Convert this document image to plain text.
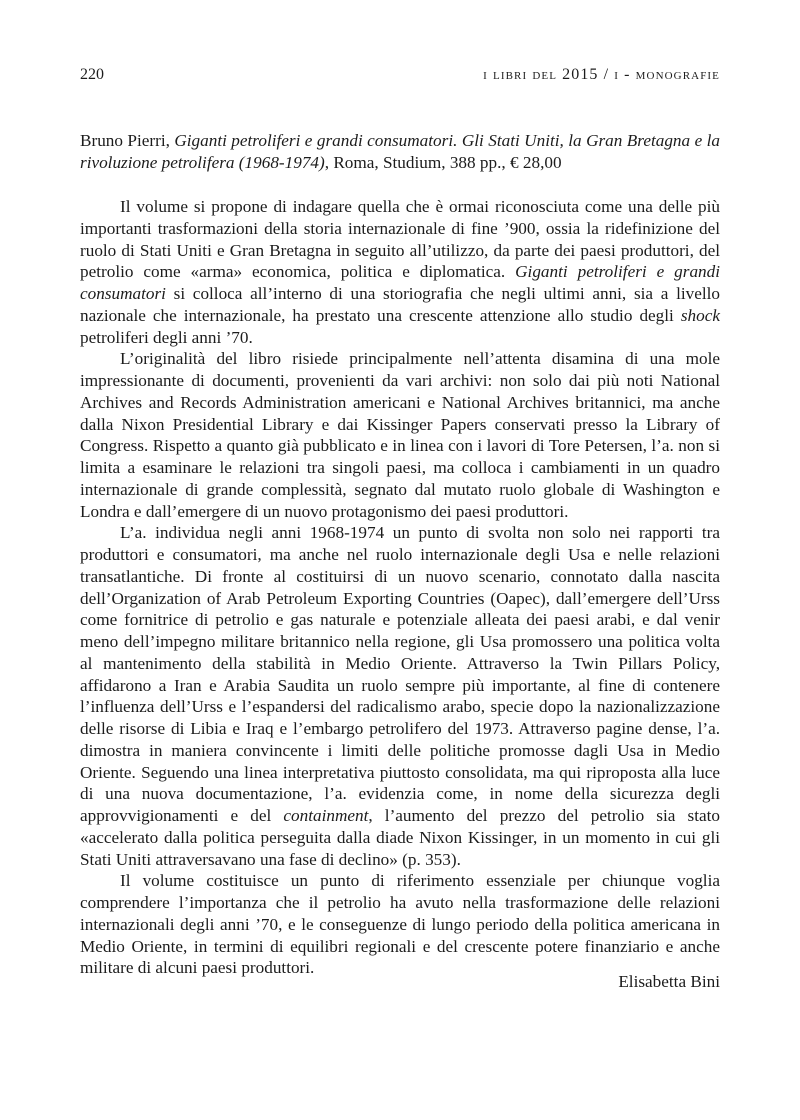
220	i libri del 2015 / i - monografie
Bruno Pierri, Giganti petroliferi e grandi consumatori. Gli Stati Uniti, la Gran Bretagna e la rivoluzione petrolifera (1968-1974), Roma, Studium, 388 pp., € 28,00

Il volume si propone di indagare quella che è ormai riconosciuta come una delle più importanti trasformazioni della storia internazionale di fine ’900, ossia la ridefinizione del ruolo di Stati Uniti e Gran Bretagna in seguito all’utilizzo, da parte dei paesi produttori, del petrolio come «arma» economica, politica e diplomatica. Giganti petroliferi e grandi consumatori si colloca all’interno di una storiografia che negli ultimi anni, sia a livello nazionale che internazionale, ha prestato una crescente attenzione allo studio degli shock petroliferi degli anni ’70.

L’originalità del libro risiede principalmente nell’attenta disamina di una mole impressionante di documenti, provenienti da vari archivi: non solo dai più noti National Archives and Records Administration americani e National Archives britannici, ma anche dalla Nixon Presidential Library e dai Kissinger Papers conservati presso la Library of Congress. Rispetto a quanto già pubblicato e in linea con i lavori di Tore Petersen, l’a. non si limita a esaminare le relazioni tra singoli paesi, ma colloca i cambiamenti in un quadro internazionale di grande complessità, segnato dal mutato ruolo globale di Washington e Londra e dall’emergere di un nuovo protagonismo dei paesi produttori.

L’a. individua negli anni 1968-1974 un punto di svolta non solo nei rapporti tra produttori e consumatori, ma anche nel ruolo internazionale degli Usa e nelle relazioni transatlantiche. Di fronte al costituirsi di un nuovo scenario, connotato dalla nascita dell’Organization of Arab Petroleum Exporting Countries (Oapec), dall’emergere dell’Urss come fornitrice di petrolio e gas naturale e potenziale alleata dei paesi arabi, e dal venir meno dell’impegno militare britannico nella regione, gli Usa promossero una politica volta al mantenimento della stabilità in Medio Oriente. Attraverso la Twin Pillars Policy, affidarono a Iran e Arabia Saudita un ruolo sempre più importante, al fine di contenere l’influenza dell’Urss e l’espandersi del radicalismo arabo, specie dopo la nazionalizzazione delle risorse di Libia e Iraq e l’embargo petrolifero del 1973. Attraverso pagine dense, l’a. dimostra in maniera convincente i limiti delle politiche promosse dagli Usa in Medio Oriente. Seguendo una linea interpretativa piuttosto consolidata, ma qui riproposta alla luce di una nuova documentazione, l’a. evidenzia come, in nome della sicurezza degli approvvigionamenti e del containment, l’aumento del prezzo del petrolio sia stato «accelerato dalla politica perseguita dalla diade Nixon Kissinger, in un momento in cui gli Stati Uniti attraversavano una fase di declino» (p. 353).

Il volume costituisce un punto di riferimento essenziale per chiunque voglia comprendere l’importanza che il petrolio ha avuto nella trasformazione delle relazioni internazionali degli anni ’70, e le conseguenze di lungo periodo della politica americana in Medio Oriente, in termini di equilibri regionali e del crescente potere finanziario e anche militare di alcuni paesi produttori.

Elisabetta Bini
